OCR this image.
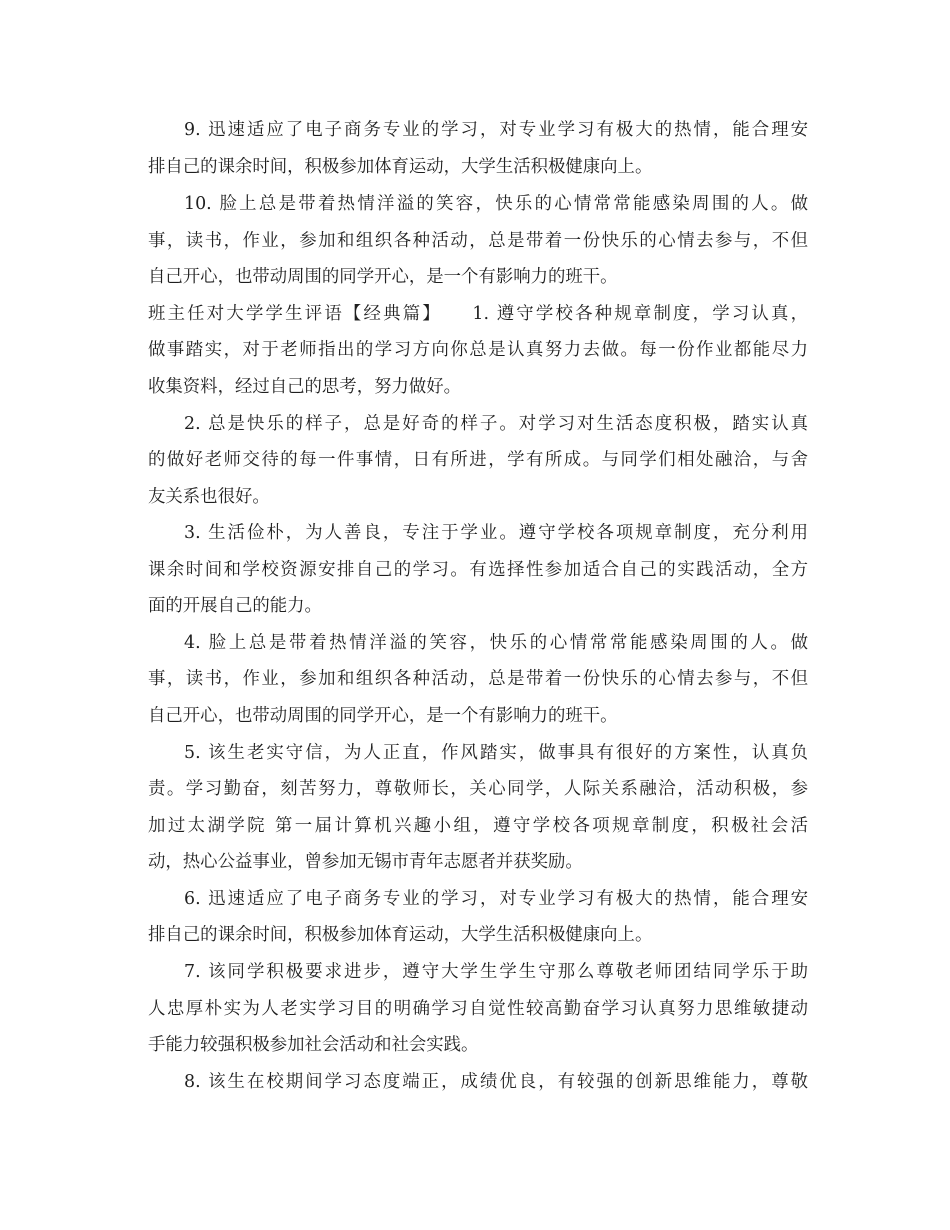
9. 迅速适应了电子商务专业的学习，对专业学习有极大的热情，能合理安
排自己的课余时间，积极参加体育运动，大学生活积极健康向上。
10. 脸上总是带着热情洋溢的笑容，快乐的心情常常能感染周围的人。做
事，读书，作业，参加和组织各种活动，总是带着一份快乐的心情去参与，不但
自己开心，也带动周围的同学开心，是一个有影响力的班干。
班主任对大学学生评语【经典篇】　　1. 遵守学校各种规章制度，学习认真，
做事踏实，对于老师指出的学习方向你总是认真努力去做。每一份作业都能尽力
收集资料，经过自己的思考，努力做好。
2. 总是快乐的样子，总是好奇的样子。对学习对生活态度积极，踏实认真
的做好老师交待的每一件事情，日有所进，学有所成。与同学们相处融洽，与舍
友关系也很好。
3. 生活俭朴，为人善良，专注于学业。遵守学校各项规章制度，充分利用
课余时间和学校资源安排自己的学习。有选择性参加适合自己的实践活动，全方
面的开展自己的能力。
4. 脸上总是带着热情洋溢的笑容，快乐的心情常常能感染周围的人。做
事，读书，作业，参加和组织各种活动，总是带着一份快乐的心情去参与，不但
自己开心，也带动周围的同学开心，是一个有影响力的班干。
5. 该生老实守信，为人正直，作风踏实，做事具有很好的方案性，认真负
责。学习勤奋，刻苦努力，尊敬师长，关心同学，人际关系融洽，活动积极，参
加过太湖学院 第一届计算机兴趣小组，遵守学校各项规章制度，积极社会活
动，热心公益事业，曾参加无锡市青年志愿者并获奖励。
6. 迅速适应了电子商务专业的学习，对专业学习有极大的热情，能合理安
排自己的课余时间，积极参加体育运动，大学生活积极健康向上。
7. 该同学积极要求进步，遵守大学生学生守那么尊敬老师团结同学乐于助
人忠厚朴实为人老实学习目的明确学习自觉性较高勤奋学习认真努力思维敏捷动
手能力较强积极参加社会活动和社会实践。
8. 该生在校期间学习态度端正，成绩优良，有较强的创新思维能力，尊敬
